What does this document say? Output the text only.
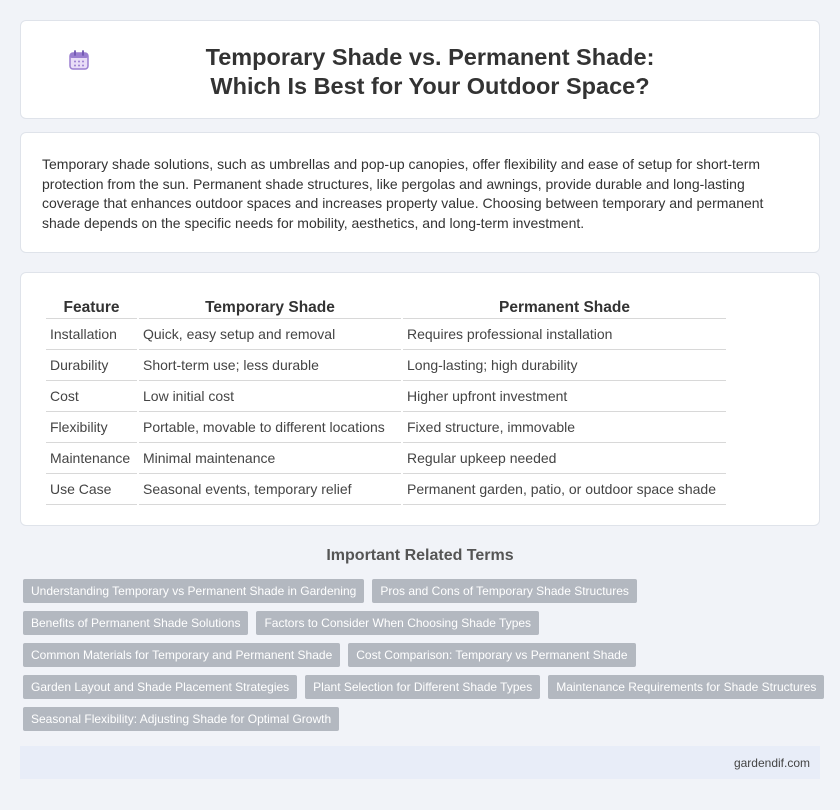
Temporary Shade vs. Permanent Shade: Which Is Best for Your Outdoor Space?

Temporary shade solutions, such as umbrellas and pop-up canopies, offer flexibility and ease of setup for short-term protection from the sun. Permanent shade structures, like pergolas and awnings, provide durable and long-lasting coverage that enhances outdoor spaces and increases property value. Choosing between temporary and permanent shade depends on the specific needs for mobility, aesthetics, and long-term investment.

Feature	Temporary Shade	Permanent Shade
Installation	Quick, easy setup and removal	Requires professional installation
Durability	Short-term use; less durable	Long-lasting; high durability
Cost	Low initial cost	Higher upfront investment
Flexibility	Portable, movable to different locations	Fixed structure, immovable
Maintenance	Minimal maintenance	Regular upkeep needed
Use Case	Seasonal events, temporary relief	Permanent garden, patio, or outdoor space shade
Important Related Terms
Understanding Temporary vs Permanent Shade in Gardening	Pros and Cons of Temporary Shade Structures
Benefits of Permanent Shade Solutions	Factors to Consider When Choosing Shade Types
Common Materials for Temporary and Permanent Shade	Cost Comparison: Temporary vs Permanent Shade
Garden Layout and Shade Placement Strategies	Plant Selection for Different Shade Types	Maintenance Requirements for Shade Structures
Seasonal Flexibility: Adjusting Shade for Optimal Growth
gardendif.com
